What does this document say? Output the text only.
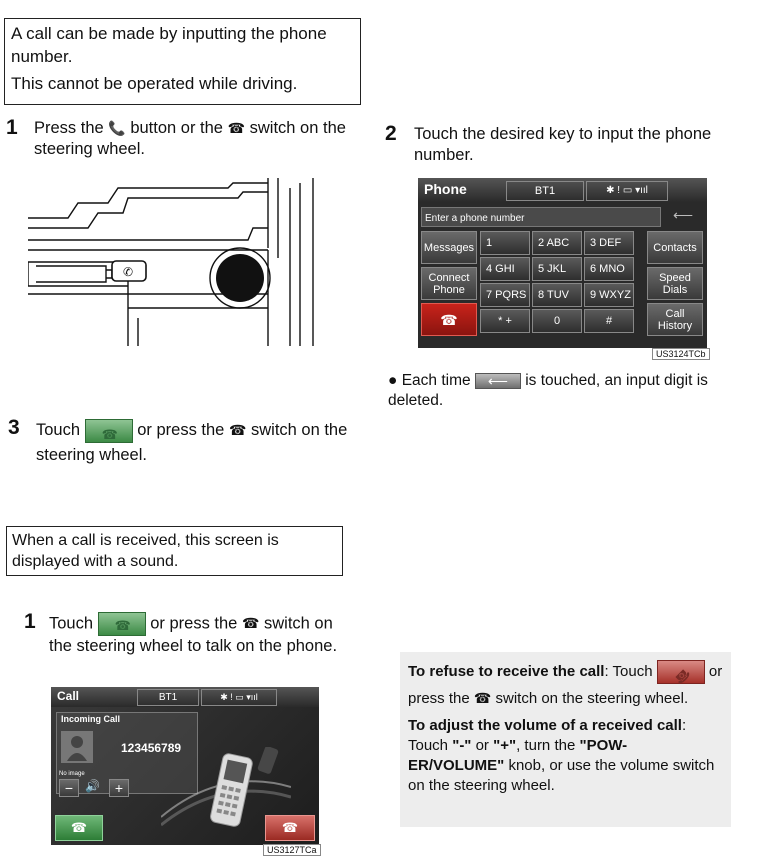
A call can be made by inputting the phone number.
This cannot be operated while driving.
1 Press the 📞 button or the ☎ switch on the steering wheel.
✆
2 Touch the desired key to input the phone number.
Phone	BT1	✱ ! ▭ ▾ııl
Enter a phone number	⟵
Messages
Connect Phone
☎
1	2 ABC	3 DEF
4 GHI	5 JKL	6 MNO
7 PQRS	8 TUV	9 WXYZ
* +	0	#
Contacts
Speed Dials
Call History
US3124TCb
● Each time ⟵	is touched, an input digit is deleted.
3 Touch ☎	or press the ☎ switch on the steering wheel.
When a call is received, this screen is displayed with a sound.
1 Touch ☎	or press the ☎ switch on the steering wheel to talk on the phone.
Call	BT1	✱ ! ▭ ▾ııl
Incoming Call
123456789
No image
− 🔊	+
☎	☎
US3127TCa
To refuse to receive the call: Touch ☎	or press the ☎ switch on the steering wheel.
To adjust the volume of a received call: Touch "-" or "+", turn the "POW-ER/VOLUME" knob, or use the volume switch on the steering wheel.
